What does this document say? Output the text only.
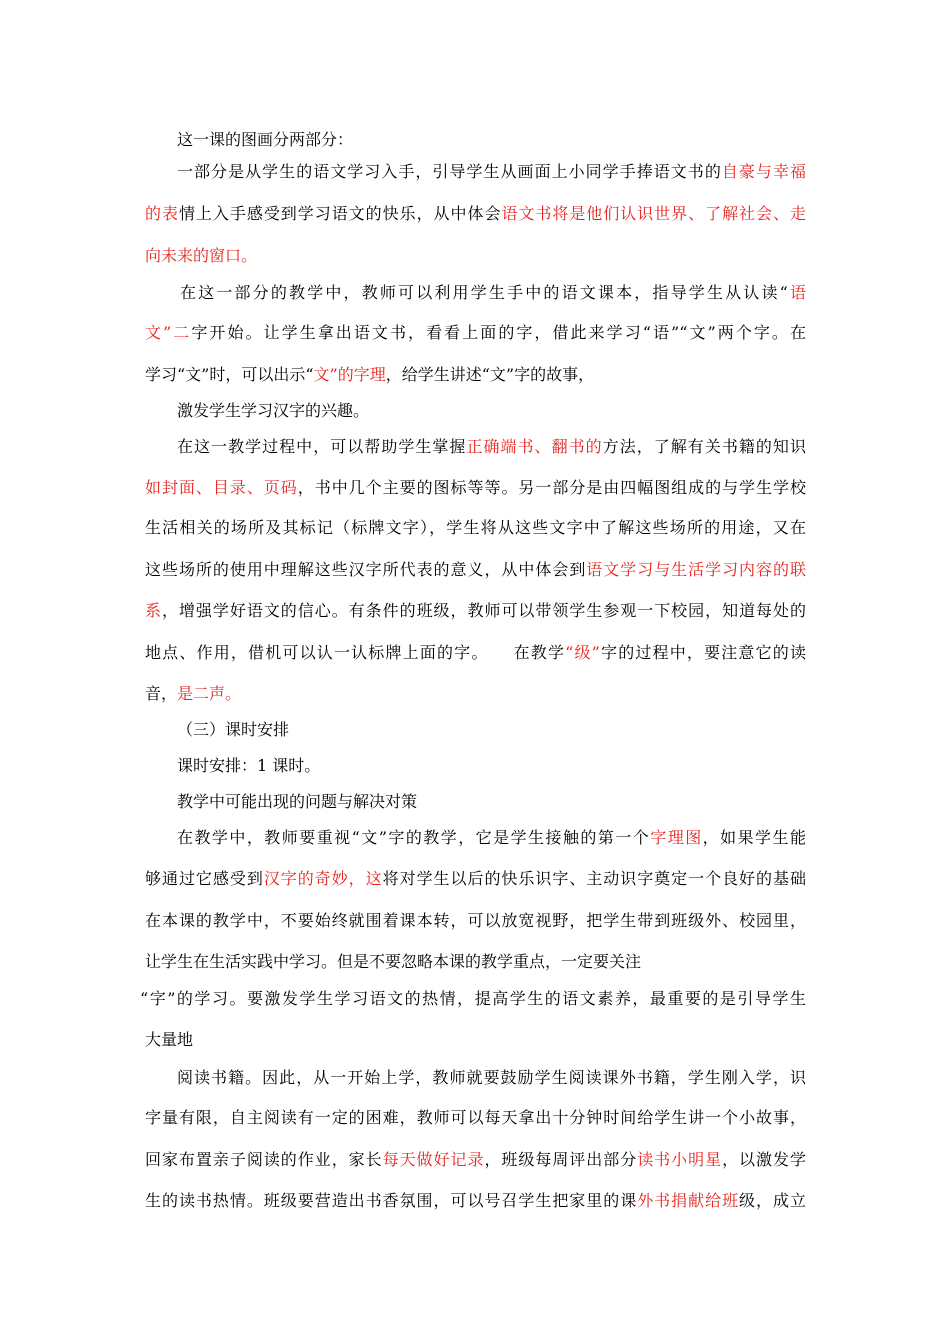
这一课的图画分两部分：
一部分是从学生的语文学习入手，引导学生从画面上小同学手捧语文书的自豪与幸福
的表情上入手感受到学习语文的快乐，从中体会语文书将是他们认识世界、了解社会、走
向未来的窗口。
在这一部分的教学中，教师可以利用学生手中的语文课本，指导学生从认读“语
文”二字开始。让学生拿出语文书，看看上面的字，借此来学习“语”“文”两个字。在
学习“文”时，可以出示“文”的字理，给学生讲述“文”字的故事，
激发学生学习汉字的兴趣。
在这一教学过程中，可以帮助学生掌握正确端书、翻书的方法，了解有关书籍的知识
如封面、目录、页码，书中几个主要的图标等等。另一部分是由四幅图组成的与学生学校
生活相关的场所及其标记（标牌文字），学生将从这些文字中了解这些场所的用途，又在
这些场所的使用中理解这些汉字所代表的意义，从中体会到语文学习与生活学习内容的联
系，增强学好语文的信心。有条件的班级，教师可以带领学生参观一下校园，知道每处的
地点、作用，借机可以认一认标牌上面的字。    在教学“级”字的过程中，要注意它的读
音，是二声。
（三）课时安排
课时安排：1 课时。
教学中可能出现的问题与解决对策
在教学中，教师要重视“文”字的教学，它是学生接触的第一个字理图，如果学生能
够通过它感受到汉字的奇妙，这将对学生以后的快乐识字、主动识字奠定一个良好的基础
在本课的教学中，不要始终就围着课本转，可以放宽视野，把学生带到班级外、校园里，
让学生在生活实践中学习。但是不要忽略本课的教学重点，一定要关注
“字”的学习。要激发学生学习语文的热情，提高学生的语文素养，最重要的是引导学生
大量地
阅读书籍。因此，从一开始上学，教师就要鼓励学生阅读课外书籍，学生刚入学，识
字量有限，自主阅读有一定的困难，教师可以每天拿出十分钟时间给学生讲一个小故事，
回家布置亲子阅读的作业，家长每天做好记录，班级每周评出部分读书小明星，以激发学
生的读书热情。班级要营造出书香氛围，可以号召学生把家里的课外书捐献给班级，成立
